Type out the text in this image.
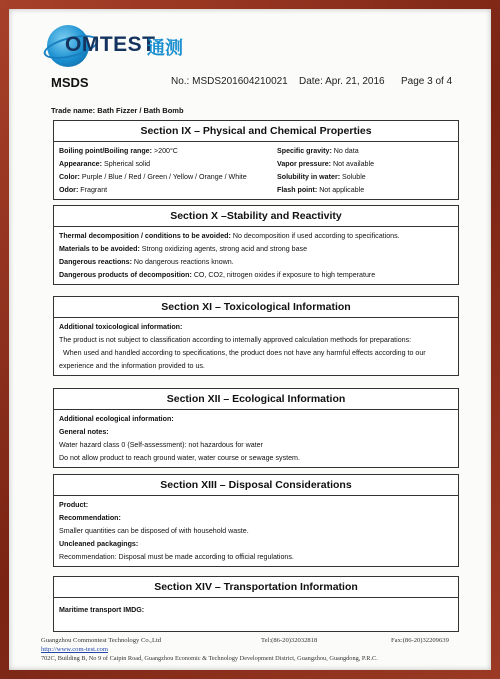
OMTEST
通测
MSDS	No.: MSDS201604210021 Date: Apr. 21, 2016 Page 3 of 4
Trade name: Bath Fizzer / Bath Bomb
Section IX – Physical and Chemical Properties
Boiling point/Boiling range: >200°C	Specific gravity: No data
Appearance: Spherical solid	Vapor pressure: Not available
Color: Purple / Blue / Red / Green / Yellow / Orange / White	Solubility in water: Soluble
Odor: Fragrant	Flash point: Not applicable
Section X –Stability and Reactivity
Thermal decomposition / conditions to be avoided: No decomposition if used according to specifications.
Materials to be avoided: Strong oxidizing agents, strong acid and strong base
Dangerous reactions: No dangerous reactions known.
Dangerous products of decomposition: CO, CO2, nitrogen oxides if exposure to high temperature
Section XI – Toxicological Information
Additional toxicological information:
The product is not subject to classification according to internally approved calculation methods for preparations:
When used and handled according to specifications, the product does not have any harmful effects according to our
experience and the information provided to us.
Section XII – Ecological Information
Additional ecological information:
General notes:
Water hazard class 0 (Self-assessment): not hazardous for water
Do not allow product to reach ground water, water course or sewage system.
Section XIII – Disposal Considerations
Product:
Recommendation:
Smaller quantities can be disposed of with household waste.
Uncleaned packagings:
Recommendation: Disposal must be made according to official regulations.
Section XIV – Transportation Information
Maritime transport IMDG:
Guangzhou Commontest Technology Co.,Ltd	Tel:(86-20)32032818	Fax:(86-20)32209639
http://www.com-test.com
702C, Building B, No 9 of Caipin Road, Guangzhou Economic & Technology Development District, Guangzhou, Guangdong, P.R.C.
